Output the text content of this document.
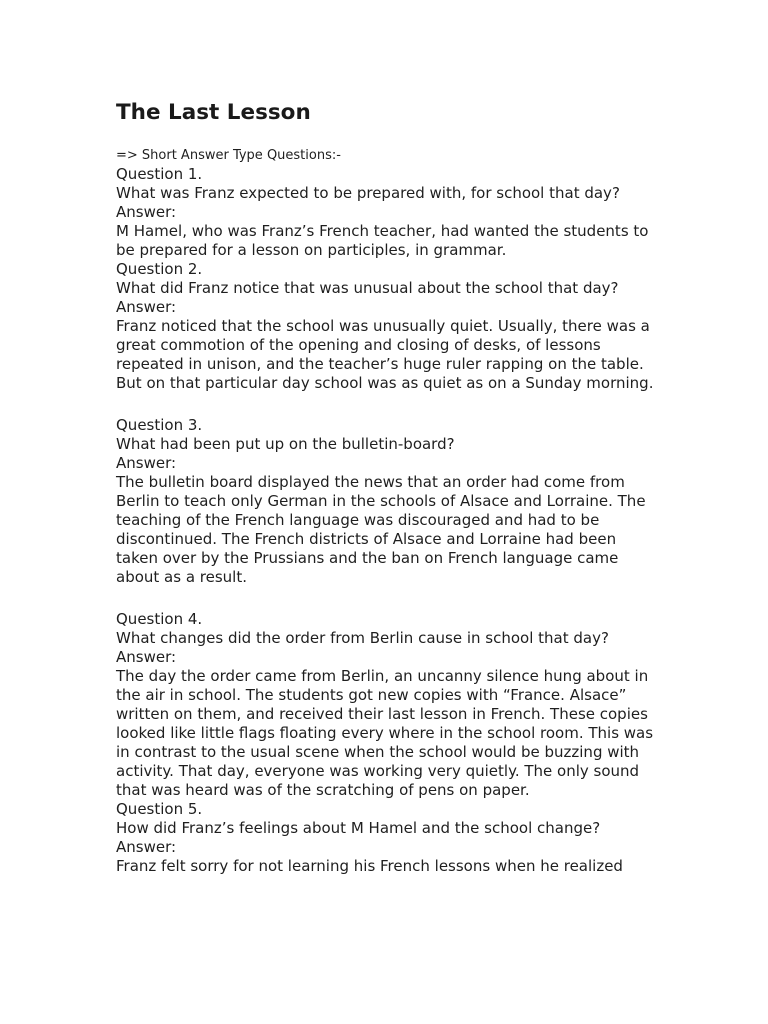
The Last Lesson

=> Short Answer Type Questions:-

Question 1.

What was Franz expected to be prepared with, for school that day?

Answer:

M Hamel, who was Franz’s French teacher, had wanted the students to be prepared for a lesson on participles, in grammar.

Question 2.

What did Franz notice that was unusual about the school that day?

Answer:

Franz noticed that the school was unusually quiet. Usually, there was a great commotion of the opening and closing of desks, of lessons repeated in unison, and the teacher’s huge ruler rapping on the table. But on that particular day school was as quiet as on a Sunday morning.

Question 3.

What had been put up on the bulletin-board?

Answer:

The bulletin board displayed the news that an order had come from Berlin to teach only German in the schools of Alsace and Lorraine. The teaching of the French language was discouraged and had to be discontinued. The French districts of Alsace and Lorraine had been taken over by the Prussians and the ban on French language came about as a result.

Question 4.

What changes did the order from Berlin cause in school that day?

Answer:

The day the order came from Berlin, an uncanny silence hung about in the air in school. The students got new copies with “France. Alsace” written on them, and received their last lesson in French. These copies looked like little flags floating every where in the school room. This was in contrast to the usual scene when the school would be buzzing with activity. That day, everyone was working very quietly. The only sound that was heard was of the scratching of pens on paper.

Question 5.

How did Franz’s feelings about M Hamel and the school change?

Answer:

Franz felt sorry for not learning his French lessons when he realized
